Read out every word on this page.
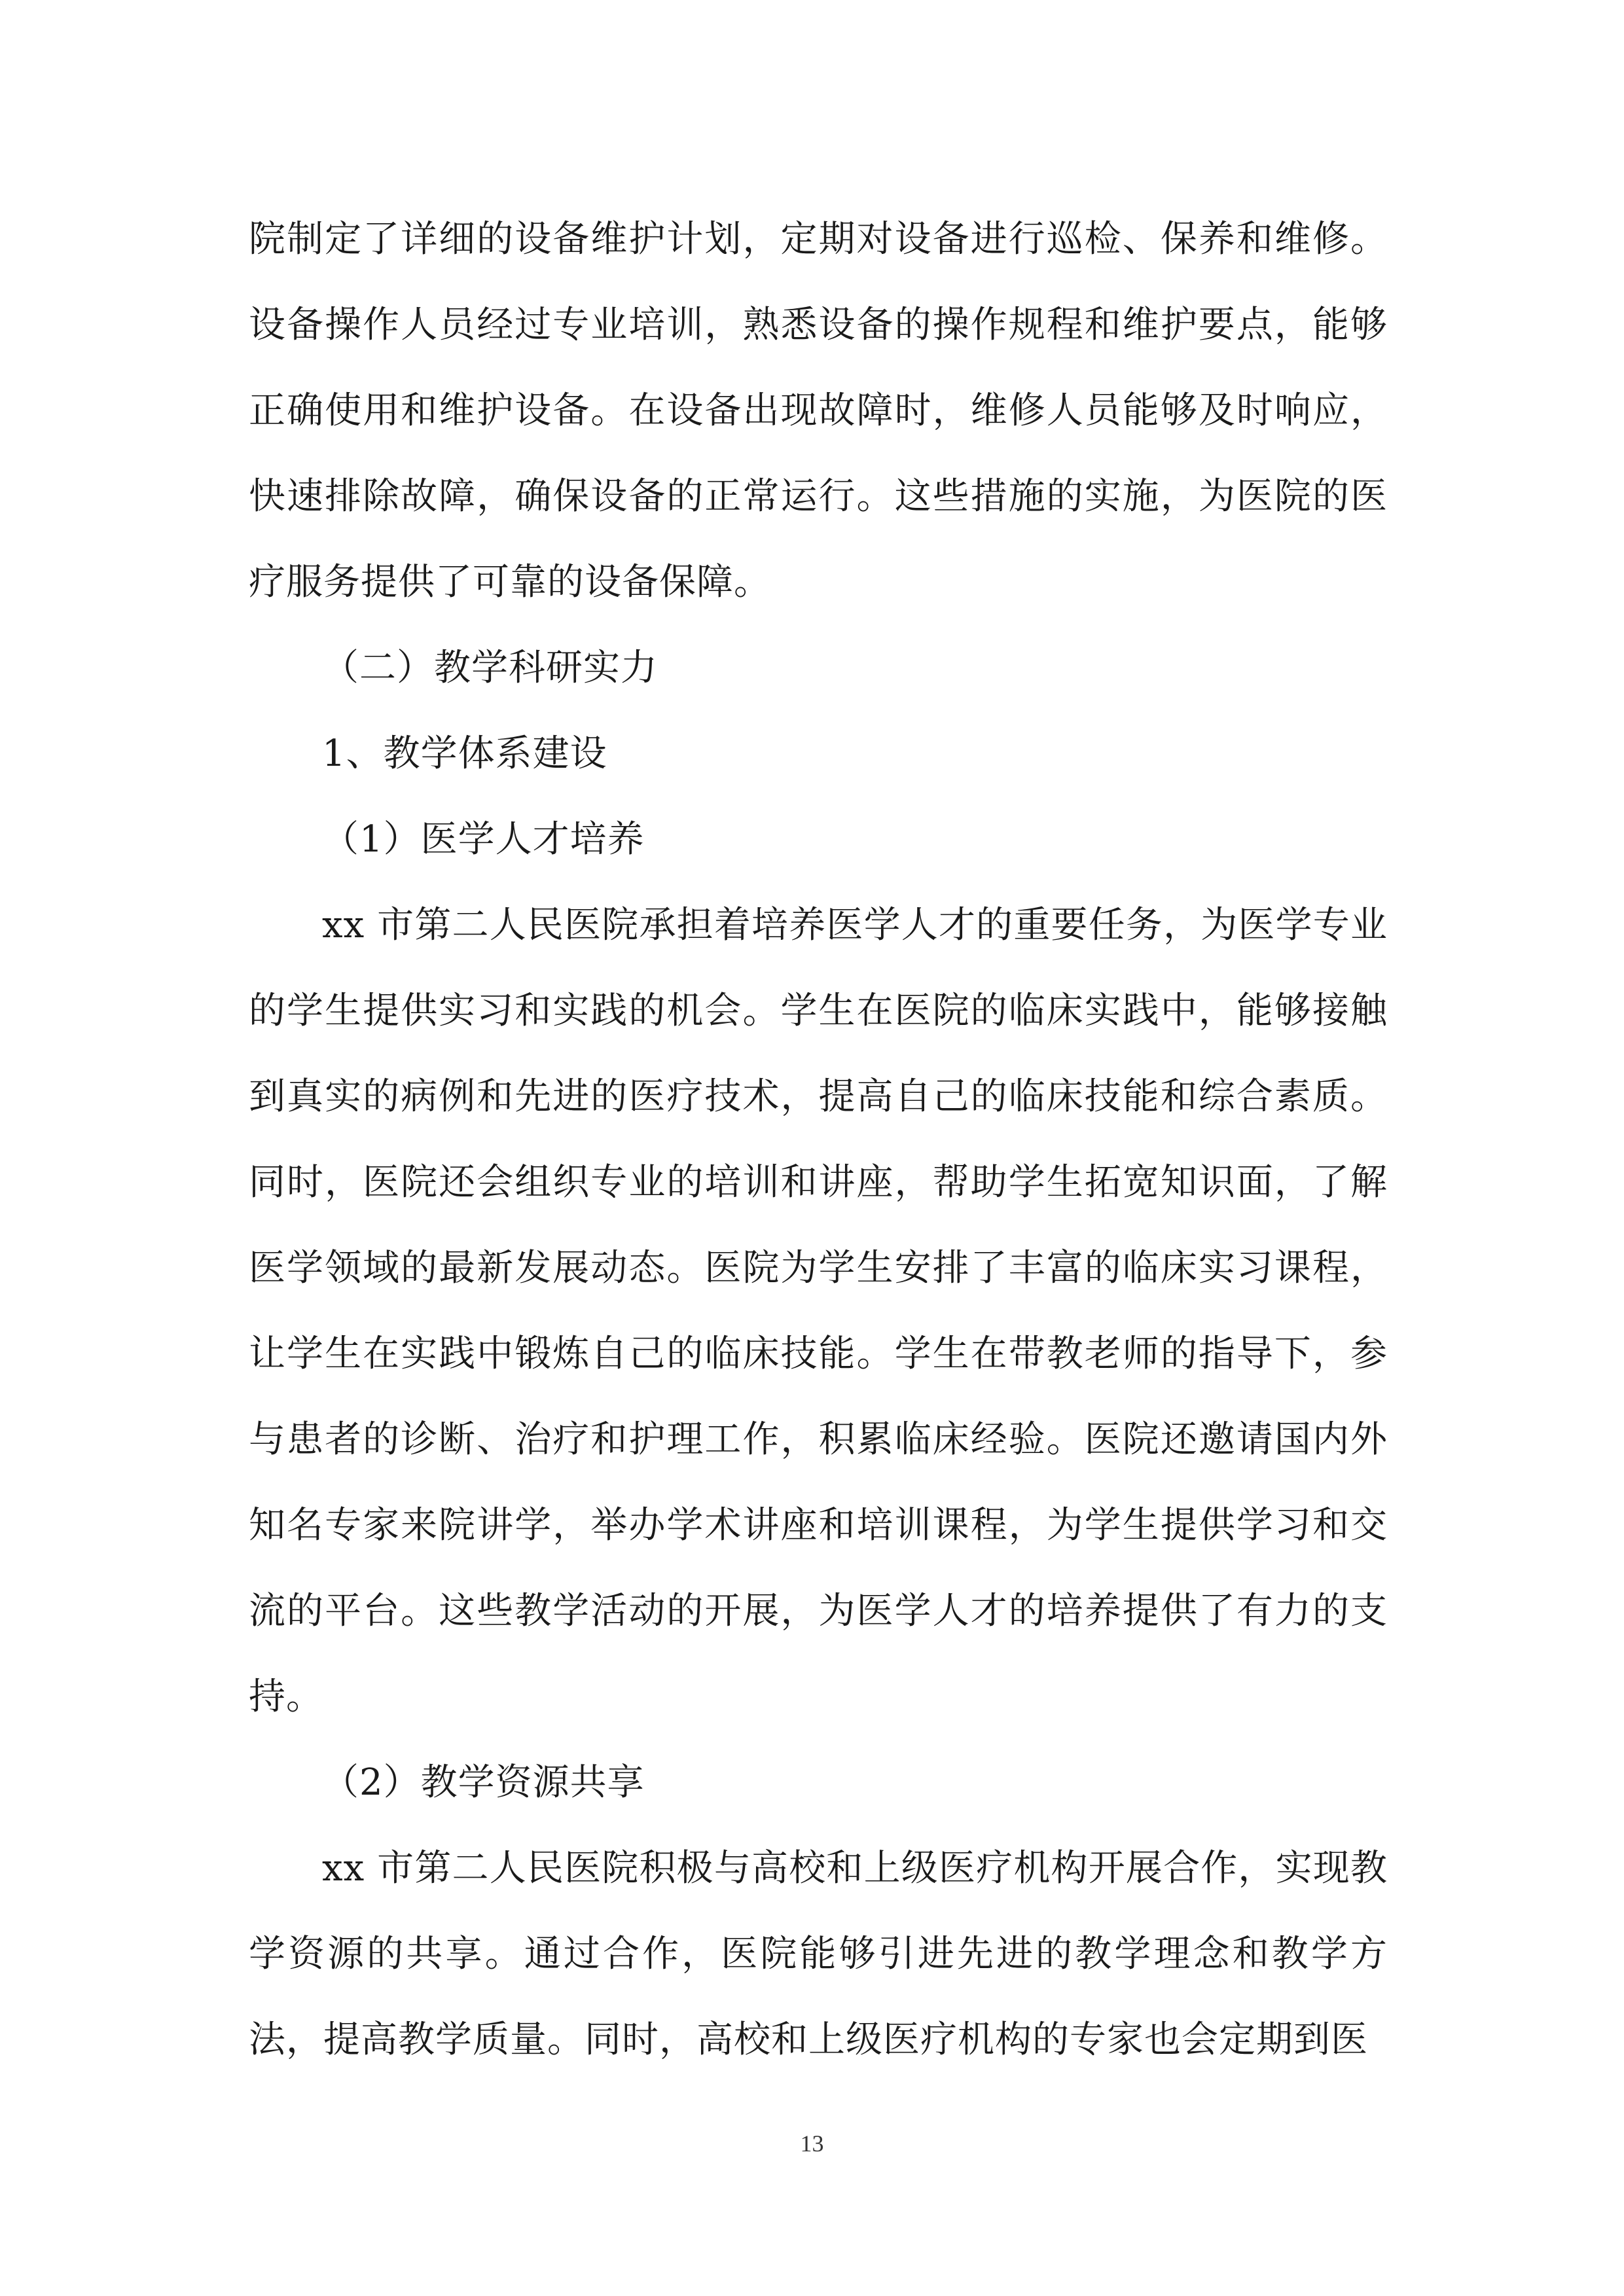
院制定了详细的设备维护计划，定期对设备进行巡检、保养和维修。设备操作人员经过专业培训，熟悉设备的操作规程和维护要点，能够正确使用和维护设备。在设备出现故障时，维修人员能够及时响应，快速排除故障，确保设备的正常运行。这些措施的实施，为医院的医疗服务提供了可靠的设备保障。

（二）教学科研实力

1、教学体系建设

（1）医学人才培养

xx 市第二人民医院承担着培养医学人才的重要任务，为医学专业的学生提供实习和实践的机会。学生在医院的临床实践中，能够接触到真实的病例和先进的医疗技术，提高自己的临床技能和综合素质。同时，医院还会组织专业的培训和讲座，帮助学生拓宽知识面，了解医学领域的最新发展动态。医院为学生安排了丰富的临床实习课程，让学生在实践中锻炼自己的临床技能。学生在带教老师的指导下，参与患者的诊断、治疗和护理工作，积累临床经验。医院还邀请国内外知名专家来院讲学，举办学术讲座和培训课程，为学生提供学习和交流的平台。这些教学活动的开展，为医学人才的培养提供了有力的支持。

（2）教学资源共享

xx 市第二人民医院积极与高校和上级医疗机构开展合作，实现教学资源的共享。通过合作，医院能够引进先进的教学理念和教学方法，提高教学质量。同时，高校和上级医疗机构的专家也会定期到医

13
